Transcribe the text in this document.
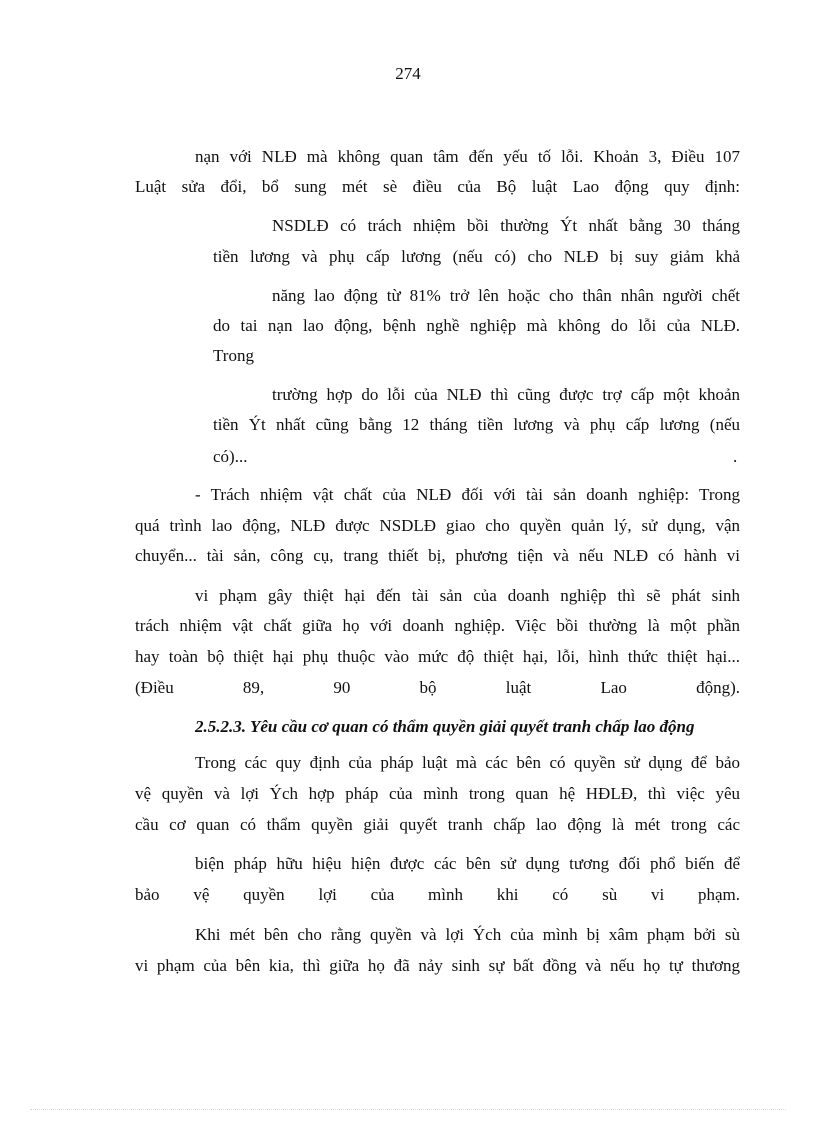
274

nạn với NLĐ mà không quan tâm đến yếu tố lỗi. Khoản 3, Điều 107

Luật sửa đổi, bổ sung mét sè điều của Bộ luật Lao động quy định:

NSDLĐ có trách nhiệm bồi thường Ýt nhất bằng 30 tháng

tiền lương và phụ cấp lương (nếu có) cho NLĐ bị suy giảm khả

năng lao động từ 81% trở lên hoặc cho thân nhân người chết

do tai nạn lao động, bệnh nghề nghiệp mà không do lỗi của NLĐ.

Trong

trường hợp do lỗi của NLĐ thì cũng được trợ cấp một khoản

tiền Ýt nhất cũng bằng 12 tháng tiền lương và phụ cấp lương (nếu

có)...	.

- Trách nhiệm vật chất của NLĐ đối với tài sản doanh nghiệp: Trong

quá trình lao động, NLĐ được NSDLĐ giao cho quyền quản lý, sử dụng, vận

chuyển... tài sản, công cụ, trang thiết bị, phương tiện và nếu NLĐ có hành vi

vi phạm gây thiệt hại đến tài sản của doanh nghiệp thì sẽ phát sinh

trách nhiệm vật chất giữa họ với doanh nghiệp. Việc bồi thường là một phần

hay toàn bộ thiệt hại phụ thuộc vào mức độ thiệt hại, lỗi, hình thức thiệt hại...

(Điều 89, 90 bộ luật Lao động).

2.5.2.3. Yêu cầu cơ quan có thẩm quyền giải quyết tranh chấp lao động

Trong các quy định của pháp luật mà các bên có quyền sử dụng để bảo

vệ quyền và lợi Ých hợp pháp của mình trong quan hệ HĐLĐ, thì việc yêu

cầu cơ quan có thẩm quyền giải quyết tranh chấp lao động là mét trong các

biện pháp hữu hiệu hiện được các bên sử dụng tương đối phổ biến để

bảo vệ quyền lợi của mình khi có sù vi phạm.

Khi mét bên cho rằng quyền và lợi Ých của mình bị xâm phạm bởi sù

vi phạm của bên kia, thì giữa họ đã nảy sinh sự bất đồng và nếu họ tự thương
